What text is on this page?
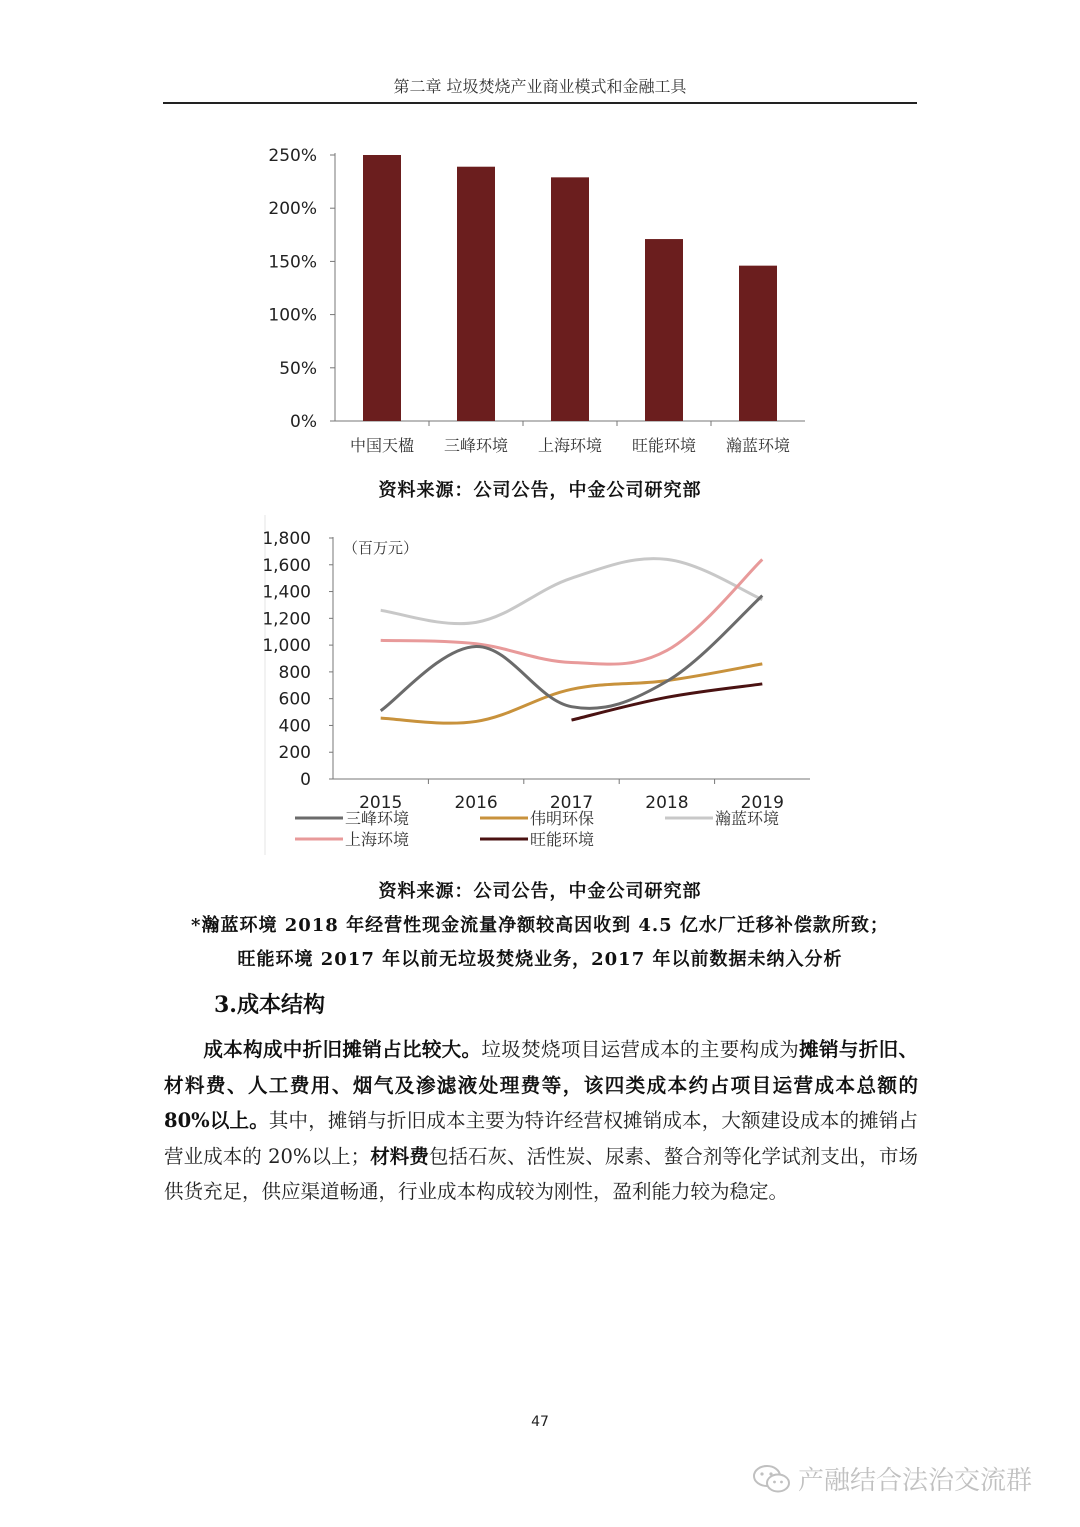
第二章 垃圾焚烧产业商业模式和金融工具
0%
50%
100%
150%
200%
250%
中国天楹 三峰环境 上海环境 旺能环境 瀚蓝环境
资料来源：公司公告，中金公司研究部
（百万元）
0
200
400
600
800
1,000
1,200
1,400
1,600
1,800
2015	2016	2017	2018	2019
三峰环境	伟明环保	瀚蓝环境
上海环境	旺能环境
资料来源：公司公告，中金公司研究部
*瀚蓝环境 2018 年经营性现金流量净额较高因收到 4.5 亿水厂迁移补偿款所致；
旺能环境 2017 年以前无垃圾焚烧业务，2017 年以前数据未纳入分析
3.成本结构
  成本构成中折旧摊销占比较大。垃圾焚烧项目运营成本的主要构成为摊销与折旧、材料费、人工费用、烟气及渗滤液处理费等，该四类成本约占项目运营成本总额的 80%以上。其中，摊销与折旧成本主要为特许经营权摊销成本，大额建设成本的摊销占营业成本的 20%以上；材料费包括石灰、活性炭、尿素、螯合剂等化学试剂支出，市场供货充足，供应渠道畅通，行业成本构成较为刚性，盈利能力较为稳定。
47
产融结合法治交流群
